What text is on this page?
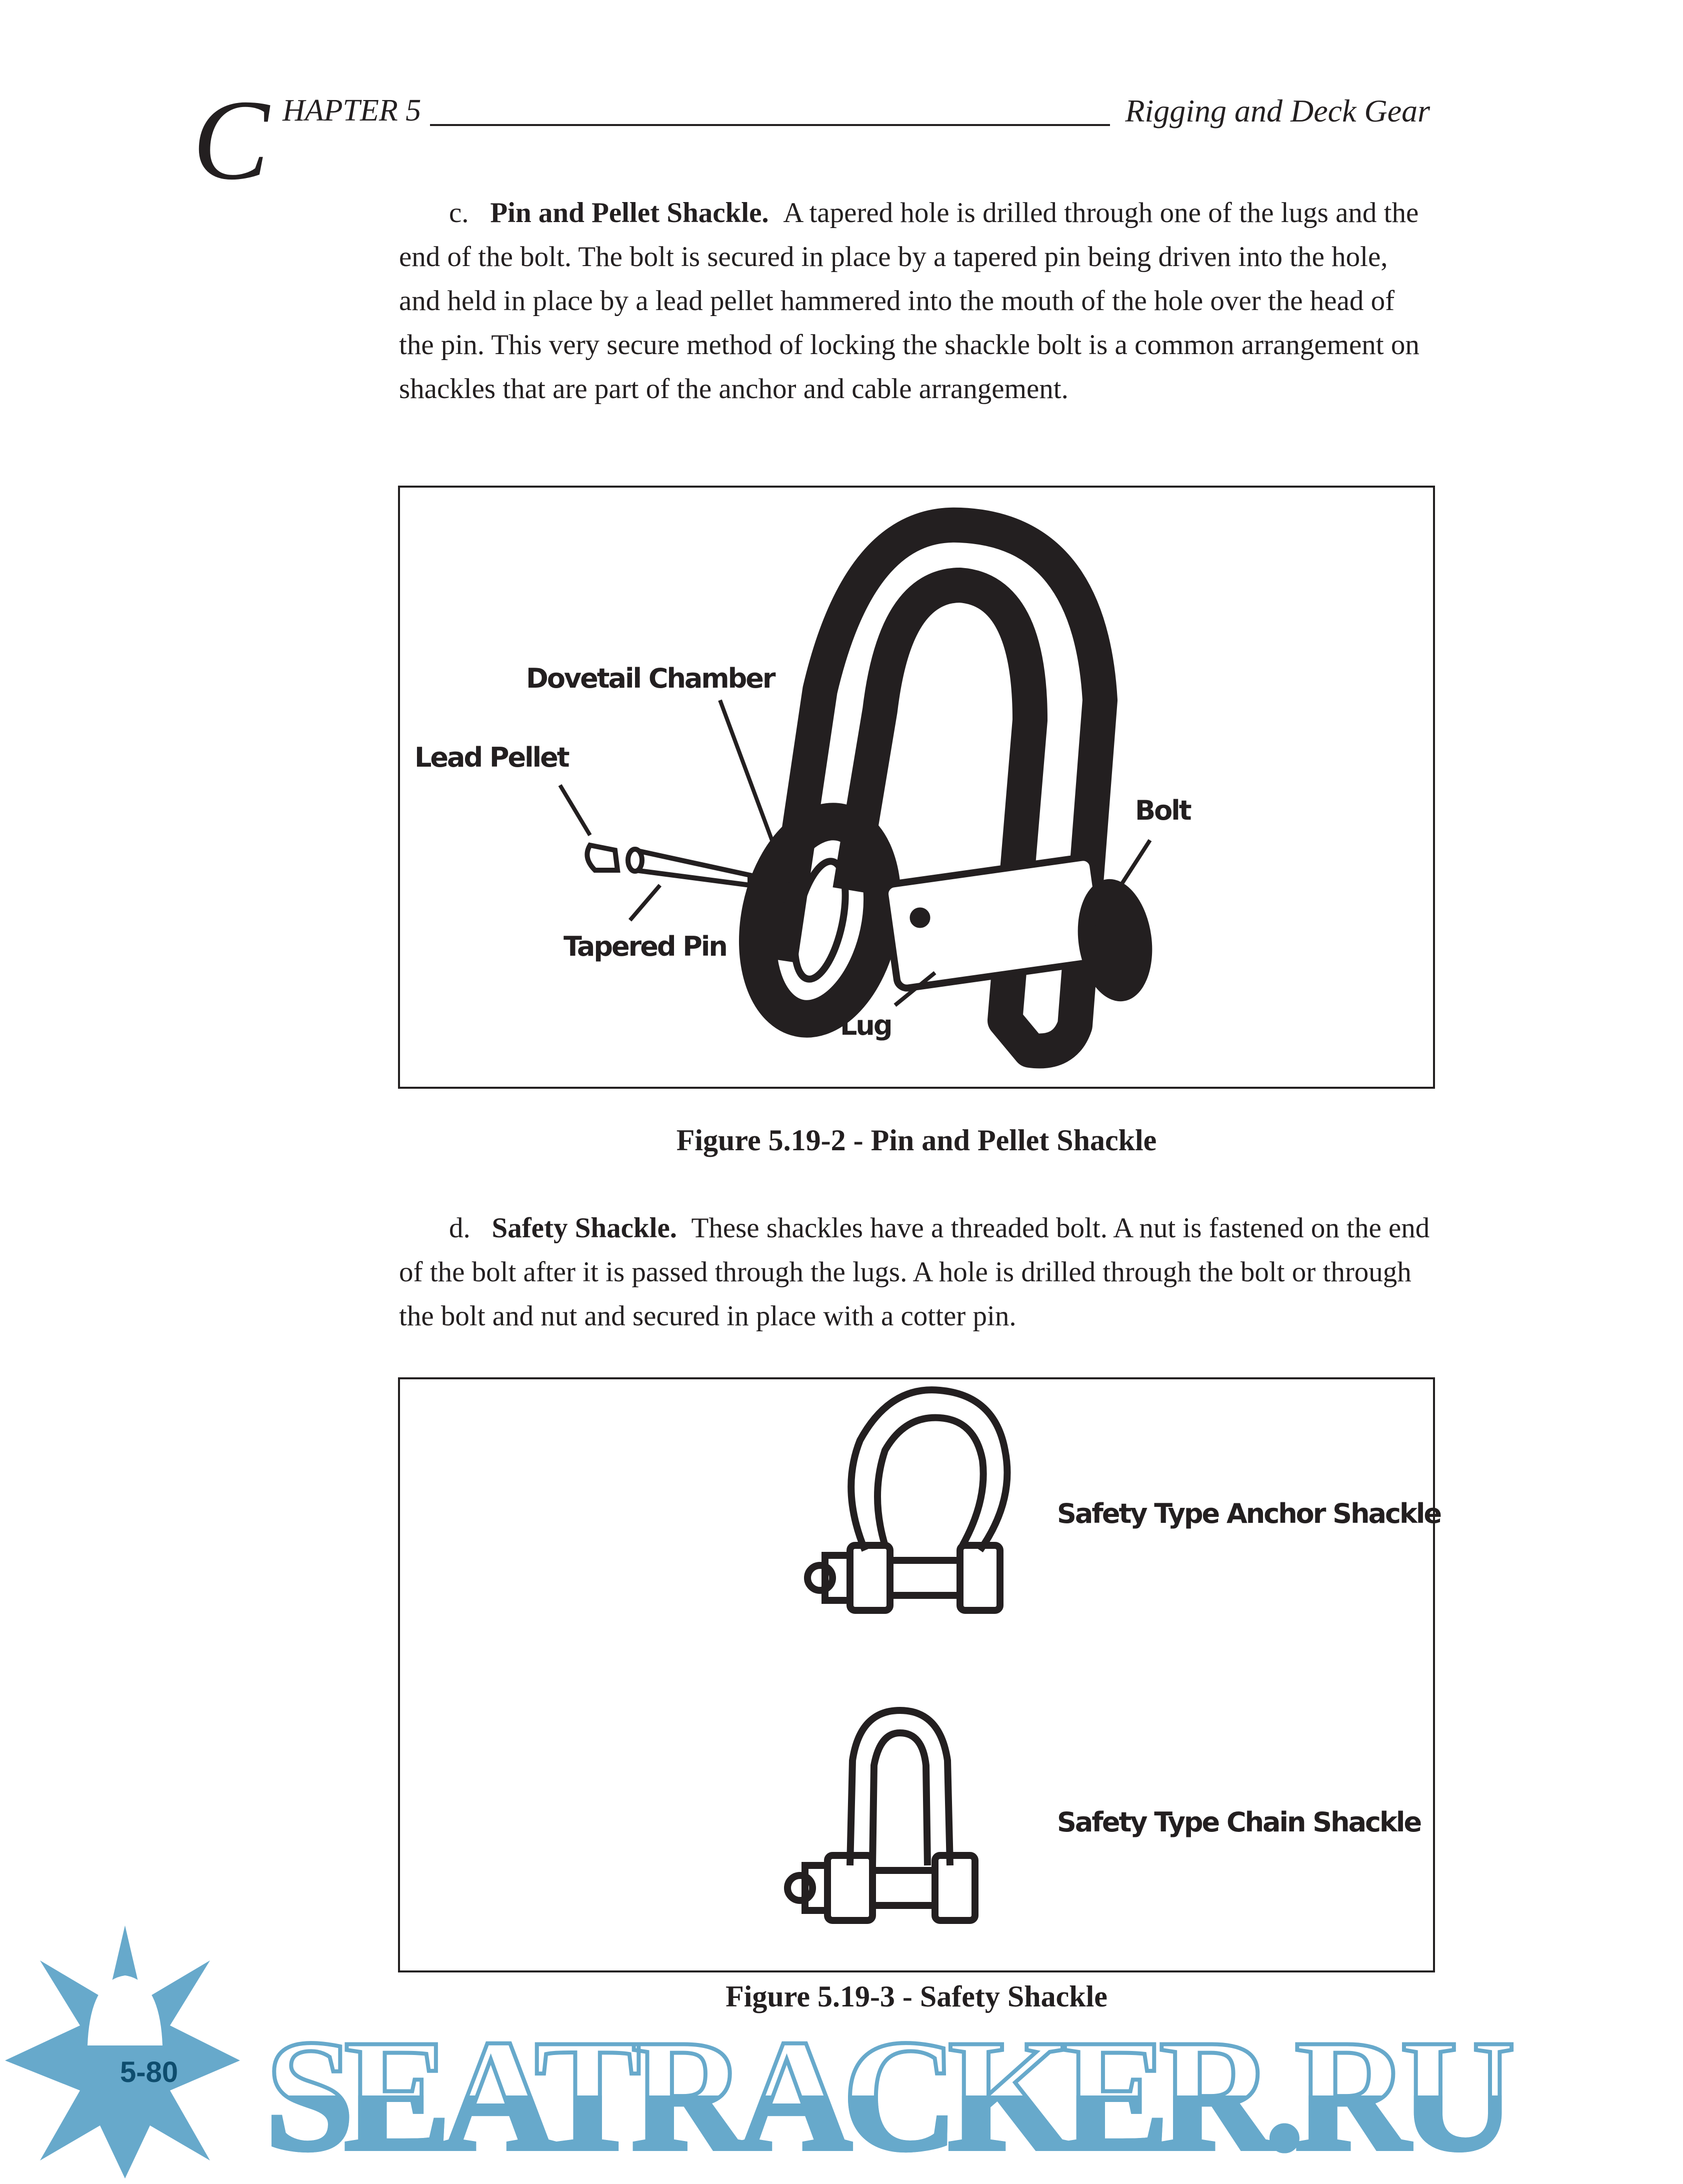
C HAPTER 5	Rigging and Deck Gear
c. Pin and Pellet Shackle. A tapered hole is drilled through one of the lugs and the end of the bolt. The bolt is secured in place by a tapered pin being driven into the hole, and held in place by a lead pellet hammered into the mouth of the hole over the head of the pin. This very secure method of locking the shackle bolt is a common arrangement on shackles that are part of the anchor and cable arrangement.
Dovetail Chamber
Lead Pellet
Bolt
Tapered Pin
Lug
Figure 5.19-2 - Pin and Pellet Shackle
d. Safety Shackle. These shackles have a threaded bolt. A nut is fastened on the end of the bolt after it is passed through the lugs. A hole is drilled through the bolt or through the bolt and nut and secured in place with a cotter pin.
Safety Type Anchor Shackle
Safety Type Chain Shackle
Figure 5.19-3 - Safety Shackle
SEATRACKER.RU
5-80
